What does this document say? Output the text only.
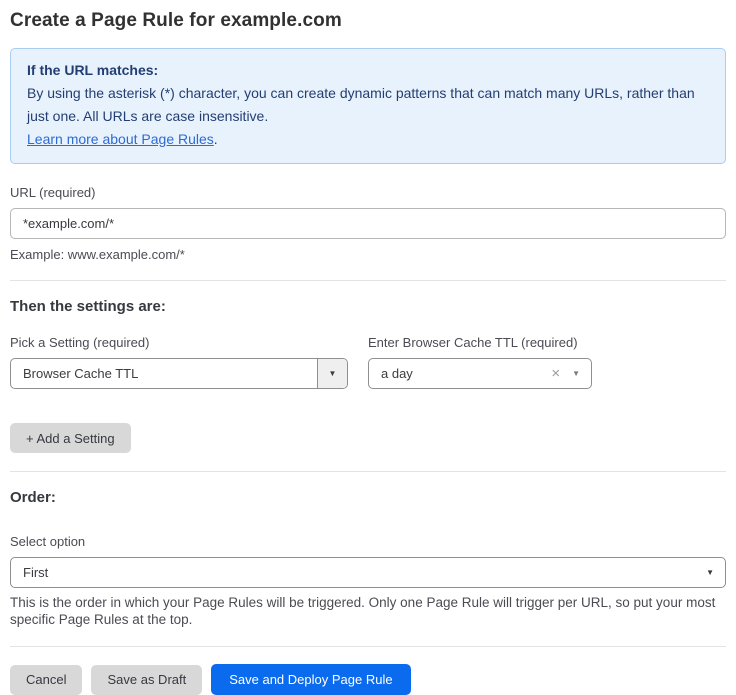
Create a Page Rule for example.com
If the URL matches:
By using the asterisk (*) character, you can create dynamic patterns that can match many URLs, rather than just one. All URLs are case insensitive.
Learn more about Page Rules.
URL (required)
*example.com/*
Example: www.example.com/*
Then the settings are:
Pick a Setting (required)
Browser Cache TTL	▼
Enter Browser Cache TTL (required)
a day	× ▼
+ Add a Setting
Order:
Select option
First	▼

This is the order in which your Page Rules will be triggered. Only one Page Rule will trigger per URL, so put your most specific Page Rules at the top.

Cancel	Save as Draft	Save and Deploy Page Rule
